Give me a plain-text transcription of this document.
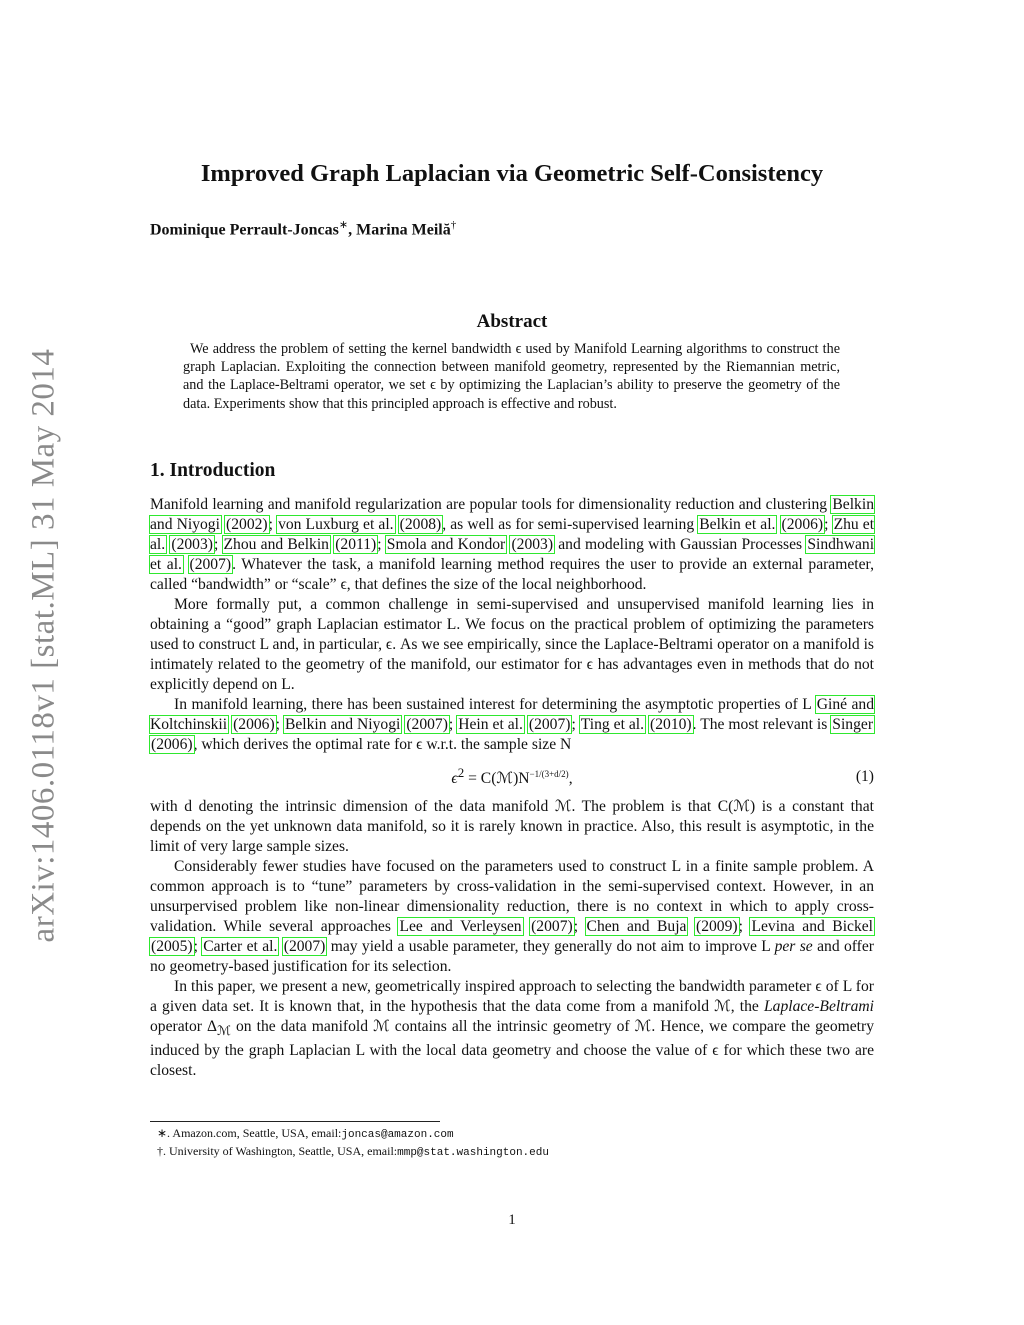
arXiv:1406.0118v1 [stat.ML] 31 May 2014
Improved Graph Laplacian via Geometric Self-Consistency
Dominique Perrault-Joncas∗, Marina Meilă†
Abstract

We address the problem of setting the kernel bandwidth ϵ used by Manifold Learning algorithms to construct the graph Laplacian. Exploiting the connection between manifold geometry, represented by the Riemannian metric, and the Laplace-Beltrami operator, we set ϵ by optimizing the Laplacian’s ability to preserve the geometry of the data. Experiments show that this principled approach is effective and robust.

1. Introduction

Manifold learning and manifold regularization are popular tools for dimensionality reduction and clustering Belkin and Niyogi (2002); von Luxburg et al. (2008), as well as for semi-supervised learning Belkin et al. (2006); Zhu et al. (2003); Zhou and Belkin (2011); Smola and Kondor (2003) and modeling with Gaussian Processes Sindhwani et al. (2007). Whatever the task, a manifold learning method requires the user to provide an external parameter, called “bandwidth” or “scale” ϵ, that defines the size of the local neighborhood.

More formally put, a common challenge in semi-supervised and unsupervised manifold learning lies in obtaining a “good” graph Laplacian estimator L. We focus on the practical problem of optimizing the parameters used to construct L and, in particular, ϵ. As we see empirically, since the Laplace-Beltrami operator on a manifold is intimately related to the geometry of the manifold, our estimator for ϵ has advantages even in methods that do not explicitly depend on L.

In manifold learning, there has been sustained interest for determining the asymptotic properties of L Giné and Koltchinskii (2006); Belkin and Niyogi (2007); Hein et al. (2007); Ting et al. (2010). The most relevant is Singer (2006), which derives the optimal rate for ϵ w.r.t. the sample size N

$\epsilon^2$ = $C(ℳ)N^{-1/(3+d/2)}$,	(1)

with d denoting the intrinsic dimension of the data manifold ℳ. The problem is that C(ℳ) is a constant that depends on the yet unknown data manifold, so it is rarely known in practice. Also, this result is asymptotic, in the limit of very large sample sizes.

Considerably fewer studies have focused on the parameters used to construct L in a finite sample problem. A common approach is to “tune” parameters by cross-validation in the semi-supervised context. However, in an unsurpervised problem like non-linear dimensionality reduction, there is no context in which to apply cross-validation. While several approaches Lee and Verleysen (2007); Chen and Buja (2009); Levina and Bickel (2005); Carter et al. (2007) may yield a usable parameter, they generally do not aim to improve L per se and offer no geometry-based justification for its selection.

In this paper, we present a new, geometrically inspired approach to selecting the bandwidth parameter ϵ of L for a given data set. It is known that, in the hypothesis that the data come from a manifold ℳ, the Laplace-Beltrami operator $\Delta_ℳ$ on the data manifold ℳ contains all the intrinsic geometry of ℳ. Hence, we compare the geometry induced by the graph Laplacian L with the local data geometry and choose the value of ϵ for which these two are closest.

∗. Amazon.com, Seattle, USA, email:joncas@amazon.com
†. University of Washington, Seattle, USA, email:mmp@stat.washington.edu
1
